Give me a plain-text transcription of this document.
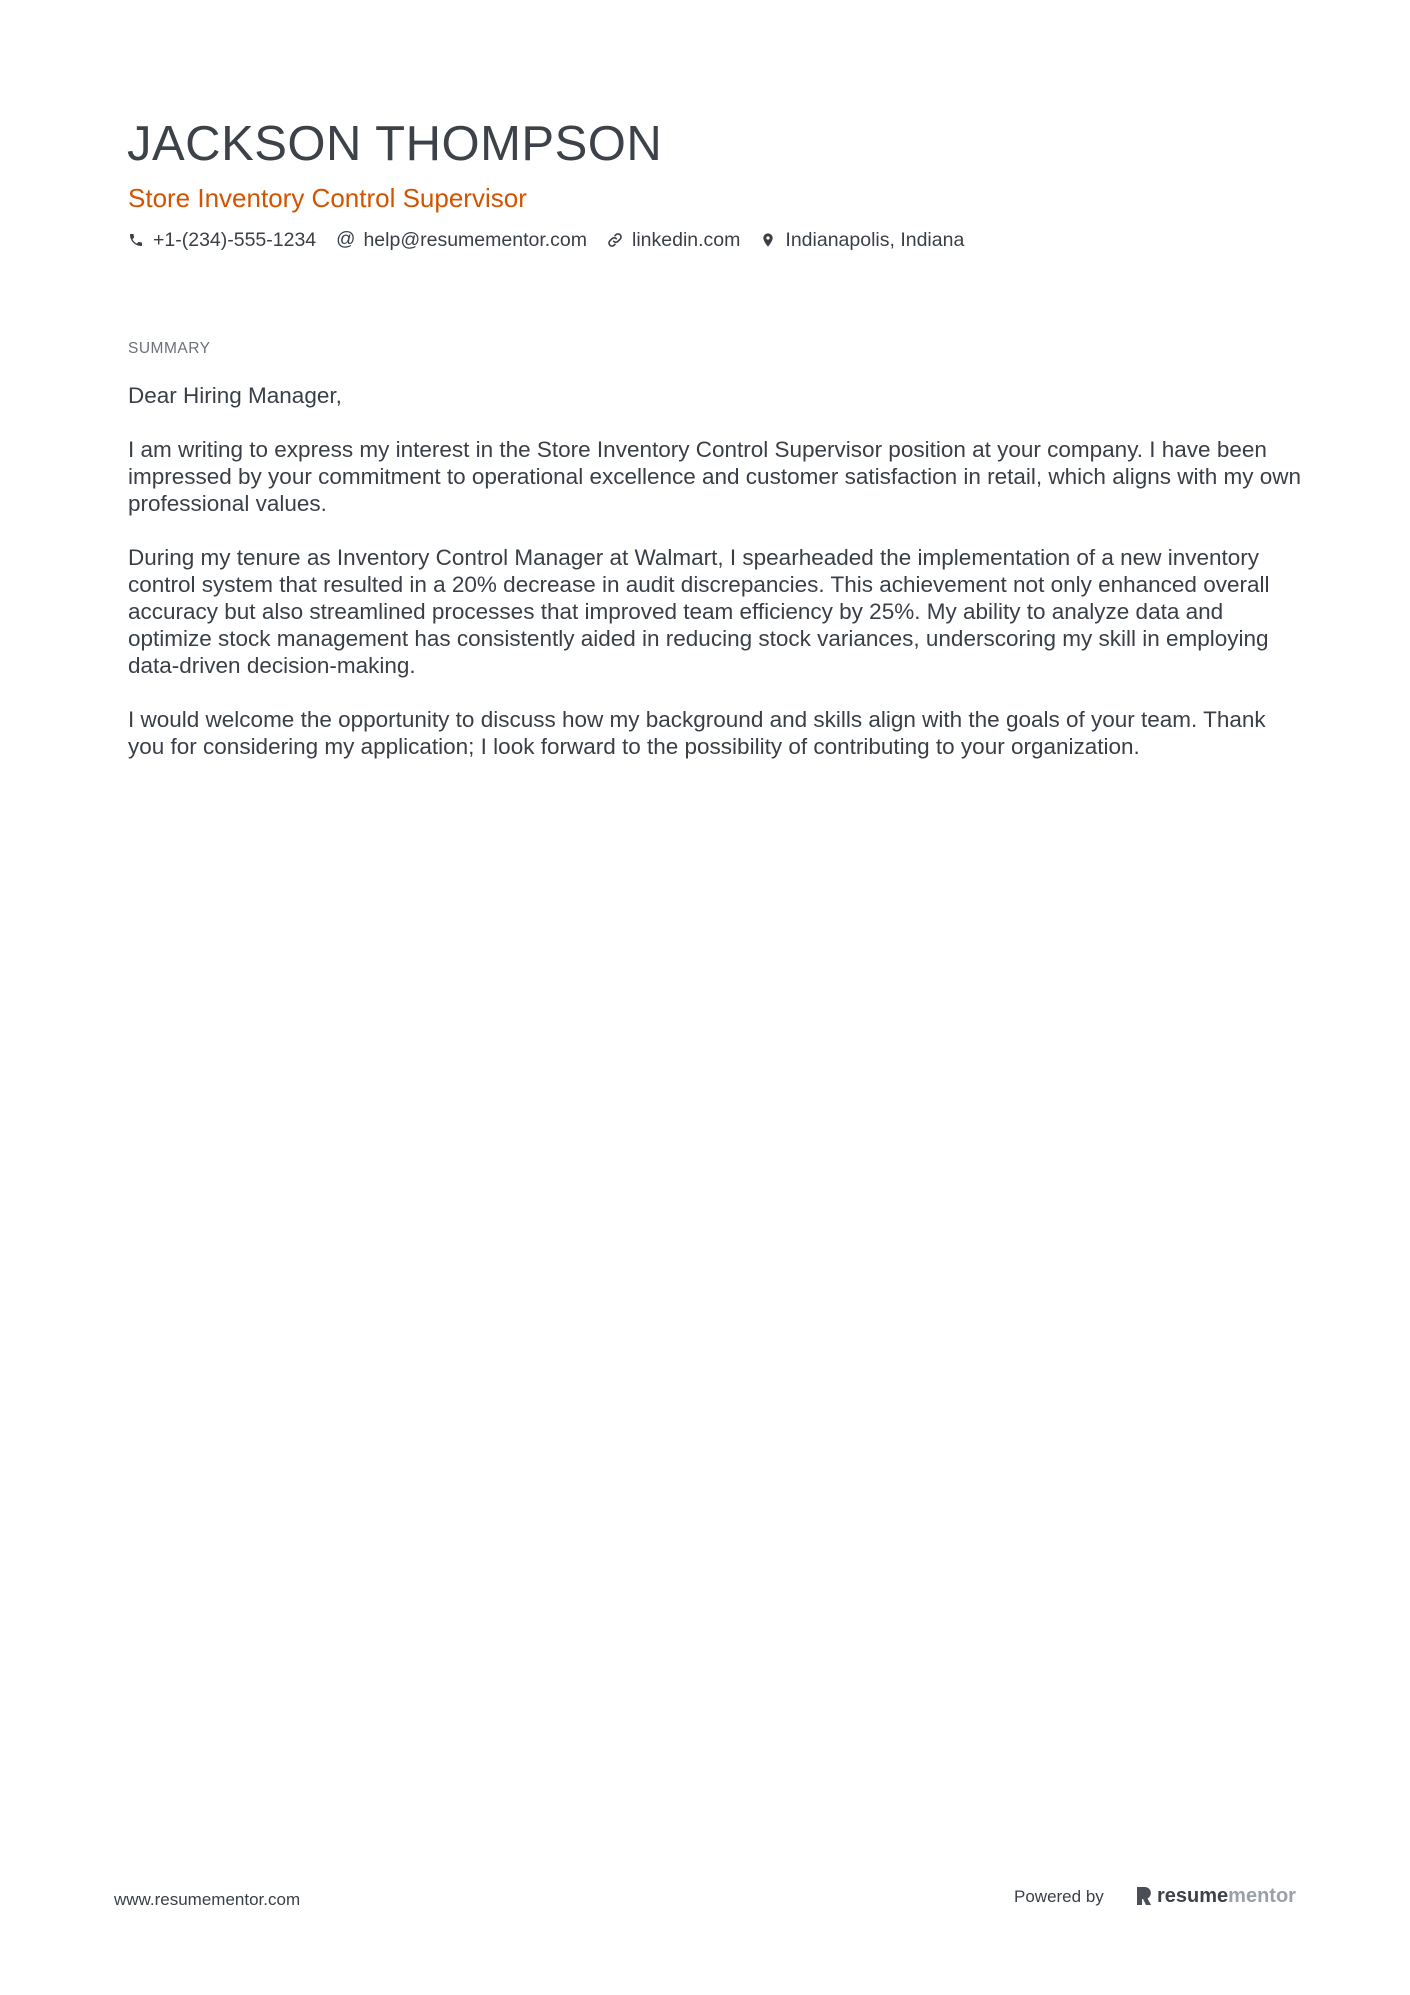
JACKSON THOMPSON
Store Inventory Control Supervisor
+1-(234)-555-1234 @ help@resumementor.com linkedin.com Indianapolis, Indiana
SUMMARY

Dear Hiring Manager,

I am writing to express my interest in the Store Inventory Control Supervisor position at your company. I have been impressed by your commitment to operational excellence and customer satisfaction in retail, which aligns with my own professional values.

During my tenure as Inventory Control Manager at Walmart, I spearheaded the implementation of a new inventory control system that resulted in a 20% decrease in audit discrepancies. This achievement not only enhanced overall accuracy but also streamlined processes that improved team efficiency by 25%. My ability to analyze data and optimize stock management has consistently aided in reducing stock variances, underscoring my skill in employing data-driven decision-making.

I would welcome the opportunity to discuss how my background and skills align with the goals of your team. Thank you for considering my application; I look forward to the possibility of contributing to your organization.

www.resumementor.com	Powered by	resume mentor
